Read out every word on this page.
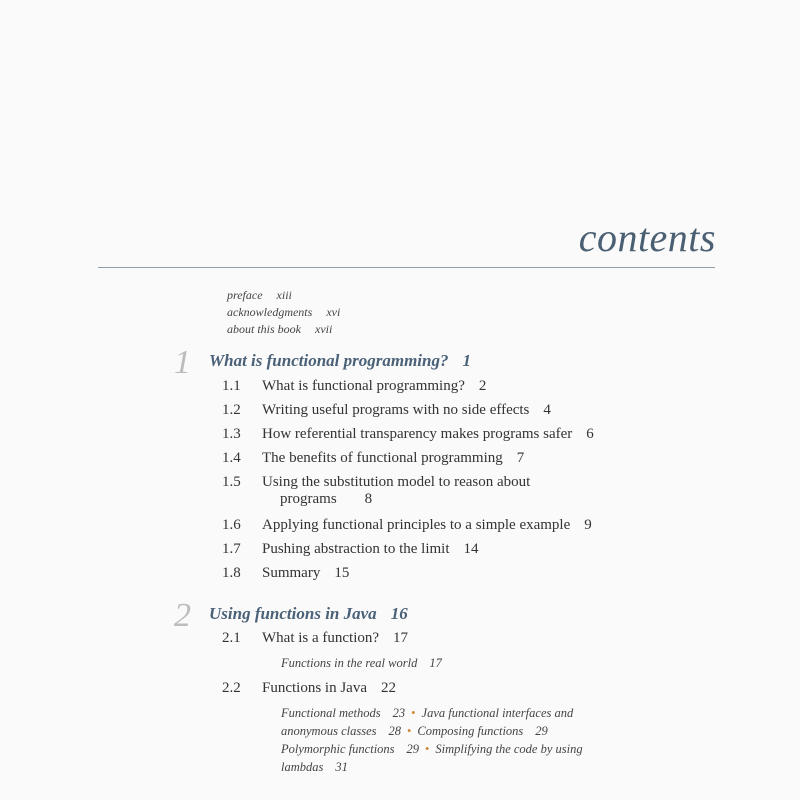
contents
preface xiii
acknowledgments xvi
about this book xvii
1 What is functional programming? 1
1.1 What is functional programming? 2
1.2 Writing useful programs with no side effects 4
1.3 How referential transparency makes programs safer 6
1.4 The benefits of functional programming 7
1.5 Using the substitution model to reason about
programs 8
1.6 Applying functional principles to a simple example 9
1.7 Pushing abstraction to the limit 14
1.8 Summary 15
2 Using functions in Java 16
2.1 What is a function? 17
Functions in the real world 17
2.2 Functions in Java 22
Functional methods 23 • Java functional interfaces and
anonymous classes 28 • Composing functions 29
Polymorphic functions 29 • Simplifying the code by using
lambdas 31
